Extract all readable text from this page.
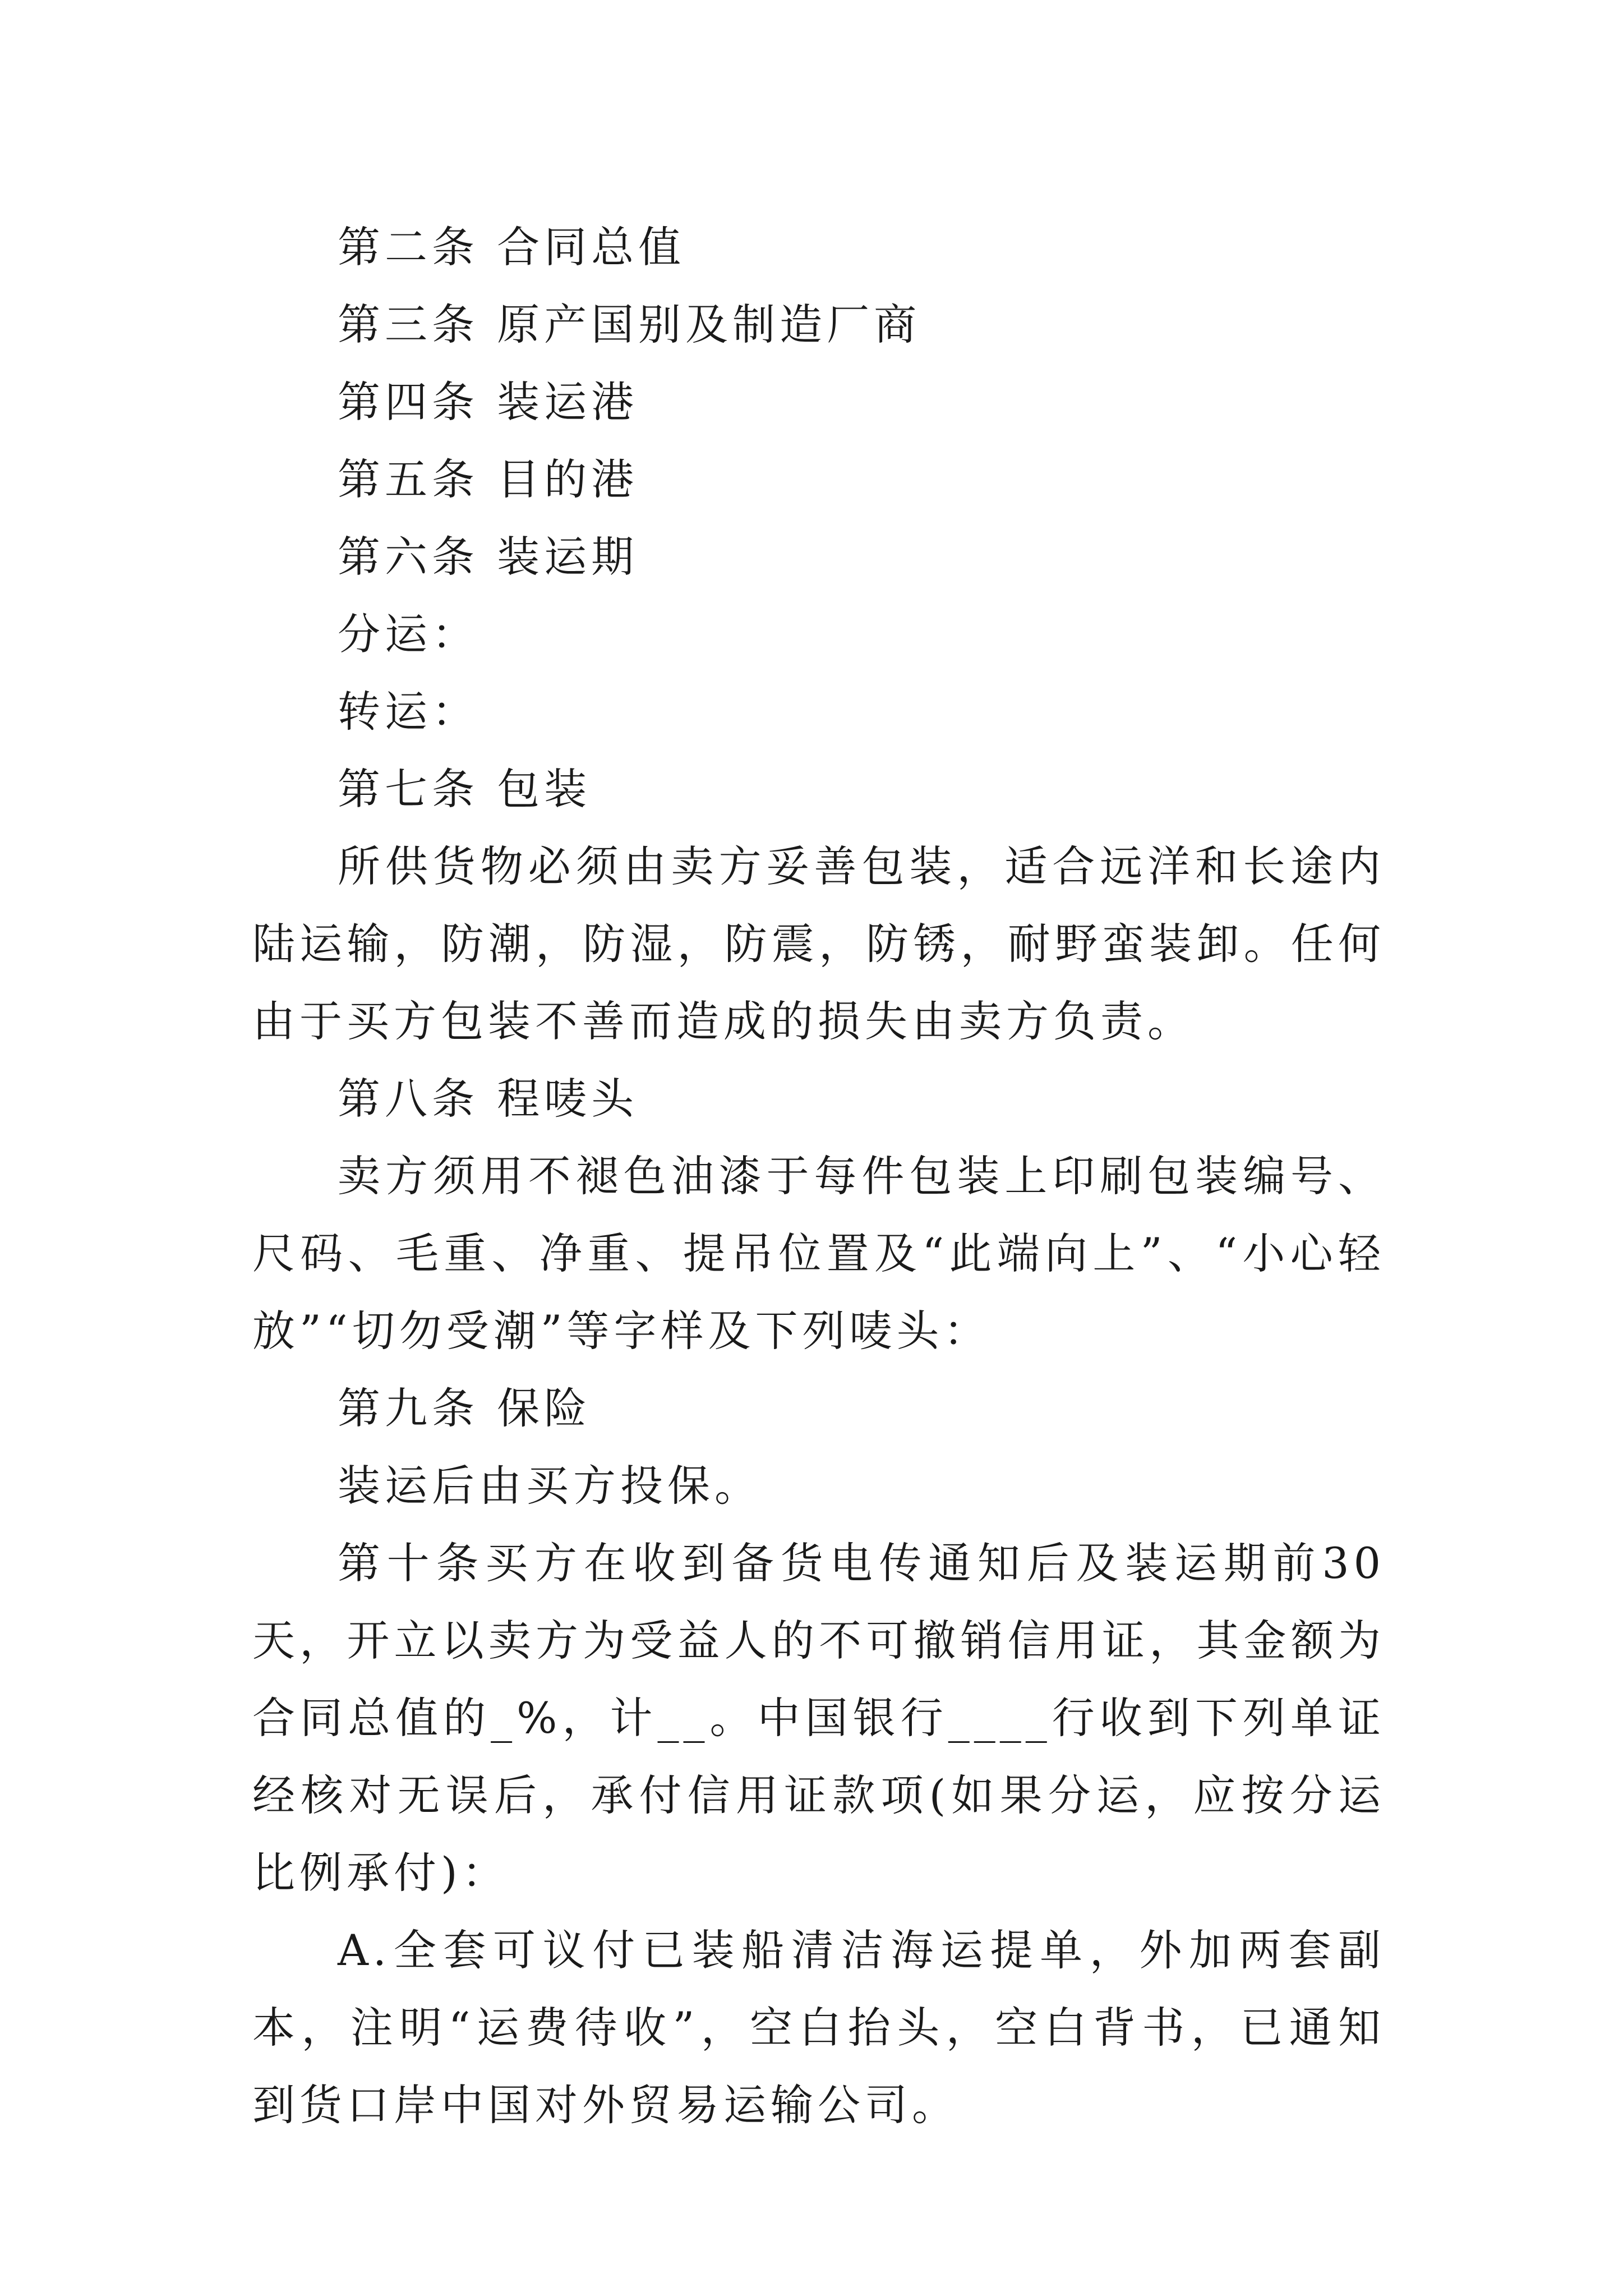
第二条 合同总值

第三条 原产国别及制造厂商

第四条 装运港

第五条 目的港

第六条 装运期

分运：

转运：

第七条 包装

所供货物必须由卖方妥善包装，适合远洋和长途内陆运输，防潮，防湿，防震，防锈，耐野蛮装卸。任何由于买方包装不善而造成的损失由卖方负责。

第八条 程唛头

卖方须用不褪色油漆于每件包装上印刷包装编号、尺码、毛重、净重、提吊位置及“此端向上”、“小心轻放”“切勿受潮”等字样及下列唛头：

第九条 保险

装运后由买方投保。

第十条买方在收到备货电传通知后及装运期前30天，开立以卖方为受益人的不可撤销信用证，其金额为合同总值的_%，计__。中国银行____行收到下列单证经核对无误后，承付信用证款项(如果分运，应按分运比例承付)：

A.全套可议付已装船清洁海运提单，外加两套副本，注明“运费待收”，空白抬头，空白背书，已通知到货口岸中国对外贸易运输公司。
